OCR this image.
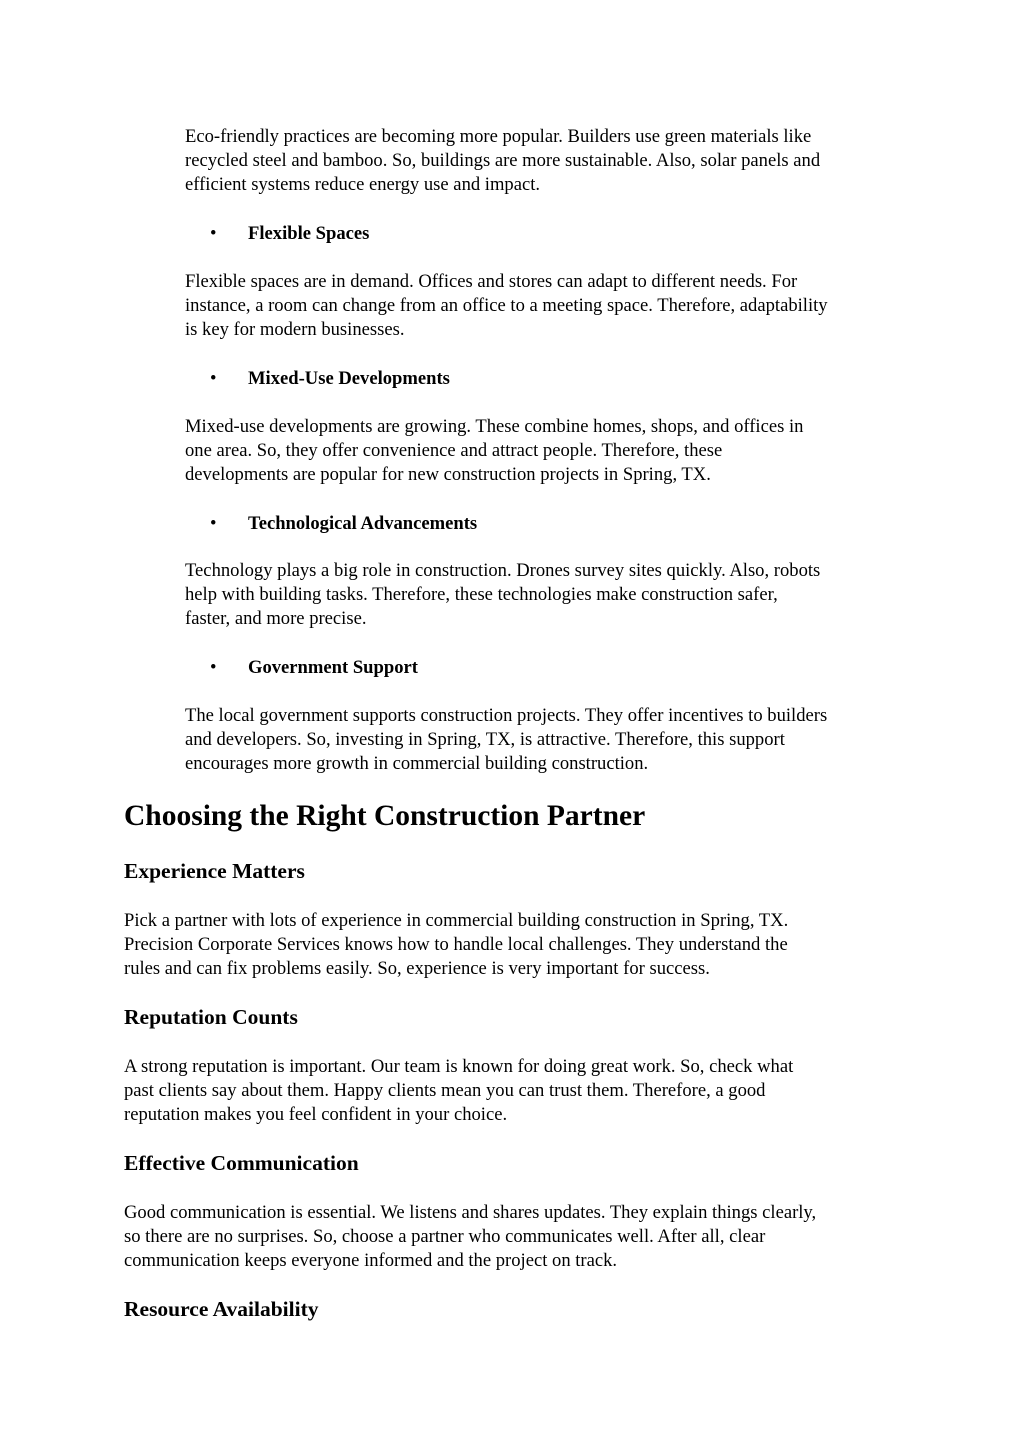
Eco-friendly practices are becoming more popular. Builders use green materials like
recycled steel and bamboo. So, buildings are more sustainable. Also, solar panels and
efficient systems reduce energy use and impact.

•	Flexible Spaces

Flexible spaces are in demand. Offices and stores can adapt to different needs. For
instance, a room can change from an office to a meeting space. Therefore, adaptability
is key for modern businesses.

•	Mixed-Use Developments

Mixed-use developments are growing. These combine homes, shops, and offices in
one area. So, they offer convenience and attract people. Therefore, these
developments are popular for new construction projects in Spring, TX.

•	Technological Advancements

Technology plays a big role in construction. Drones survey sites quickly. Also, robots
help with building tasks. Therefore, these technologies make construction safer,
faster, and more precise.

•	Government Support

The local government supports construction projects. They offer incentives to builders
and developers. So, investing in Spring, TX, is attractive. Therefore, this support
encourages more growth in commercial building construction.

Choosing the Right Construction Partner
Experience Matters

Pick a partner with lots of experience in commercial building construction in Spring, TX.
Precision Corporate Services knows how to handle local challenges. They understand the
rules and can fix problems easily. So, experience is very important for success.

Reputation Counts

A strong reputation is important. Our team is known for doing great work. So, check what
past clients say about them. Happy clients mean you can trust them. Therefore, a good
reputation makes you feel confident in your choice.

Effective Communication

Good communication is essential. We listens and shares updates. They explain things clearly,
so there are no surprises. So, choose a partner who communicates well. After all, clear
communication keeps everyone informed and the project on track.

Resource Availability
